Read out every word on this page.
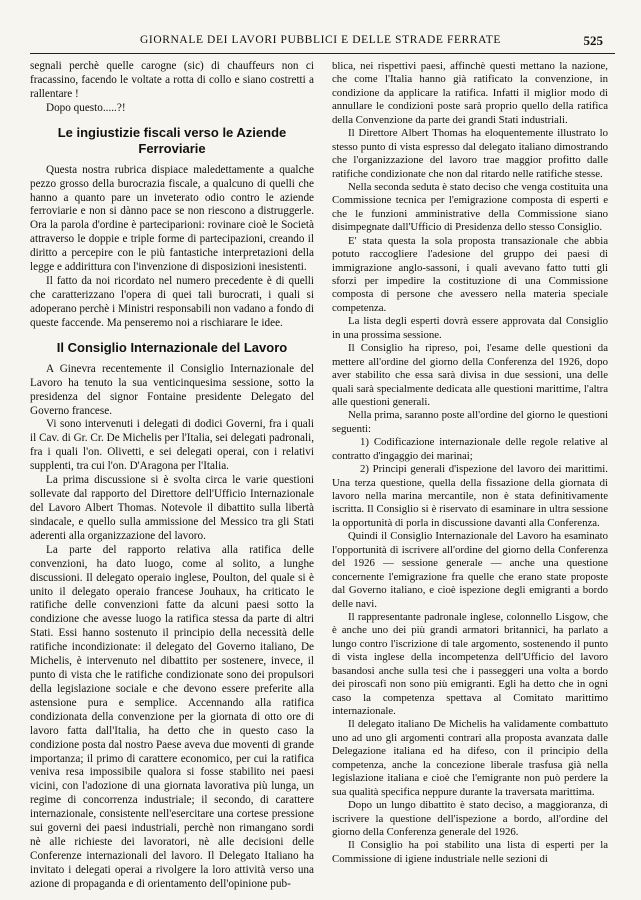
GIORNALE DEI LAVORI PUBBLICI E DELLE STRADE FERRATE	525

segnali perchè quelle carogne (sic) di chauffeurs non ci fracassino, facendo le voltate a rotta di collo e siano costretti a rallentare !

Dopo questo.....?!

Le ingiustizie fiscali verso le Aziende Ferroviarie

Questa nostra rubrica dispiace maledettamente a qualche pezzo grosso della burocrazia fiscale, a qualcuno di quelli che hanno a quanto pare un inveterato odio contro le aziende ferroviarie e non si dànno pace se non riescono a distruggerle. Ora la parola d'ordine è parteciparioni: rovinare cioè le Società attraverso le doppie e triple forme di partecipazioni, creando il diritto a percepire con le più fantastiche interpretazioni della legge e addirittura con l'invenzione di disposizioni inesistenti.

Il fatto da noi ricordato nel numero precedente è di quelli che caratterizzano l'opera di quei tali burocrati, i quali si adoperano perchè i Ministri responsabili non vadano a fondo di queste faccende. Ma penseremo noi a rischiarare le idee.

Il Consiglio Internazionale del Lavoro

A Ginevra recentemente il Consiglio Internazionale del Lavoro ha tenuto la sua venticinquesima sessione, sotto la presidenza del signor Fontaine presidente Delegato del Governo francese.

Vi sono intervenuti i delegati di dodici Governi, fra i quali il Cav. di Gr. Cr. De Michelis per l'Italia, sei delegati padronali, fra i quali l'on. Olivetti, e sei delegati operai, con i relativi supplenti, tra cui l'on. D'Aragona per l'Italia.

La prima discussione si è svolta circa le varie questioni sollevate dal rapporto del Direttore dell'Ufficio Internazionale del Lavoro Albert Thomas. Notevole il dibattito sulla libertà sindacale, e quello sulla ammissione del Messico tra gli Stati aderenti alla organizzazione del lavoro.

La parte del rapporto relativa alla ratifica delle convenzioni, ha dato luogo, come al solito, a lunghe discussioni. Il delegato operaio inglese, Poulton, del quale si è unito il delegato operaio francese Jouhaux, ha criticato le ratifiche delle convenzioni fatte da alcuni paesi sotto la condizione che avesse luogo la ratifica stessa da parte di altri Stati. Essi hanno sostenuto il principio della necessità delle ratifiche incondizionate: il delegato del Governo italiano, De Michelis, è intervenuto nel dibattito per sostenere, invece, il punto di vista che le ratifiche condizionate sono dei propulsori della legislazione sociale e che devono essere preferite alla astensione pura e semplice. Accennando alla ratifica condizionata della convenzione per la giornata di otto ore di lavoro fatta dall'Italia, ha detto che in questo caso la condizione posta dal nostro Paese aveva due moventi di grande importanza; il primo di carattere economico, per cui la ratifica veniva resa impossibile qualora si fosse stabilito nei paesi vicini, con l'adozione di una giornata lavorativa più lunga, un regime di concorrenza industriale; il secondo, di carattere internazionale, consistente nell'esercitare una cortese pressione sui governi dei paesi industriali, perchè non rimangano sordi nè alle richieste dei lavoratori, nè alle decisioni delle Conferenze internazionali del lavoro. Il Delegato Italiano ha invitato i delegati operai a rivolgere la loro attività verso una azione di propaganda e di orientamento dell'opinione pub-

blica, nei rispettivi paesi, affinchè questi mettano la nazione, che come l'Italia hanno già ratificato la convenzione, in condizione da applicare la ratifica. Infatti il miglior modo di annullare le condizioni poste sarà proprio quello della ratifica della Convenzione da parte dei grandi Stati industriali.

Il Direttore Albert Thomas ha eloquentemente illustrato lo stesso punto di vista espresso dal delegato italiano dimostrando che l'organizzazione del lavoro trae maggior profitto dalle ratifiche condizionate che non dal ritardo nelle ratifiche stesse.

Nella seconda seduta è stato deciso che venga costituita una Commissione tecnica per l'emigrazione composta di esperti e che le funzioni amministrative della Commissione siano disimpegnate dall'Ufficio di Presidenza dello stesso Consiglio.

E' stata questa la sola proposta transazionale che abbia potuto raccogliere l'adesione del gruppo dei paesi di immigrazione anglo-sassoni, i quali avevano fatto tutti gli sforzi per impedire la costituzione di una Commissione composta di persone che avessero nella materia speciale competenza.

La lista degli esperti dovrà essere approvata dal Consiglio in una prossima sessione.

Il Consiglio ha ripreso, poi, l'esame delle questioni da mettere all'ordine del giorno della Conferenza del 1926, dopo aver stabilito che essa sarà divisa in due sessioni, una delle quali sarà specialmente dedicata alle questioni marittime, l'altra alle questioni generali.

Nella prima, saranno poste all'ordine del giorno le questioni seguenti:

1) Codificazione internazionale delle regole relative al contratto d'ingaggio dei marinai;

2) Principi generali d'ispezione del lavoro dei marittimi. Una terza questione, quella della fissazione della giornata di lavoro nella marina mercantile, non è stata definitivamente iscritta. Il Consiglio si è riservato di esaminare in ultra sessione la opportunità di porla in discussione davanti alla Conferenza.

Quindi il Consiglio Internazionale del Lavoro ha esaminato l'opportunità di iscrivere all'ordine del giorno della Conferenza del 1926 — sessione generale — anche una questione concernente l'emigrazione fra quelle che erano state proposte dal Governo italiano, e cioè ispezione degli emigranti a bordo delle navi.

Il rappresentante padronale inglese, colonnello Lisgow, che è anche uno dei più grandi armatori britannici, ha parlato a lungo contro l'iscrizione di tale argomento, sostenendo il punto di vista inglese della incompetenza dell'Ufficio del lavoro basandosi anche sulla tesi che i passeggeri una volta a bordo dei piroscafi non sono più emigranti. Egli ha detto che in ogni caso la competenza spettava al Comitato marittimo internazionale.

Il delegato italiano De Michelis ha validamente combattuto uno ad uno gli argomenti contrari alla proposta avanzata dalle Delegazione italiana ed ha difeso, con il principio della competenza, anche la concezione liberale trasfusa già nella legislazione italiana e cioè che l'emigrante non può perdere la sua qualità specifica neppure durante la traversata marittima.

Dopo un lungo dibattito è stato deciso, a maggioranza, di iscrivere la questione dell'ispezione a bordo, all'ordine del giorno della Conferenza generale del 1926.

Il Consiglio ha poi stabilito una lista di esperti per la Commissione di igiene industriale nelle sezioni di
